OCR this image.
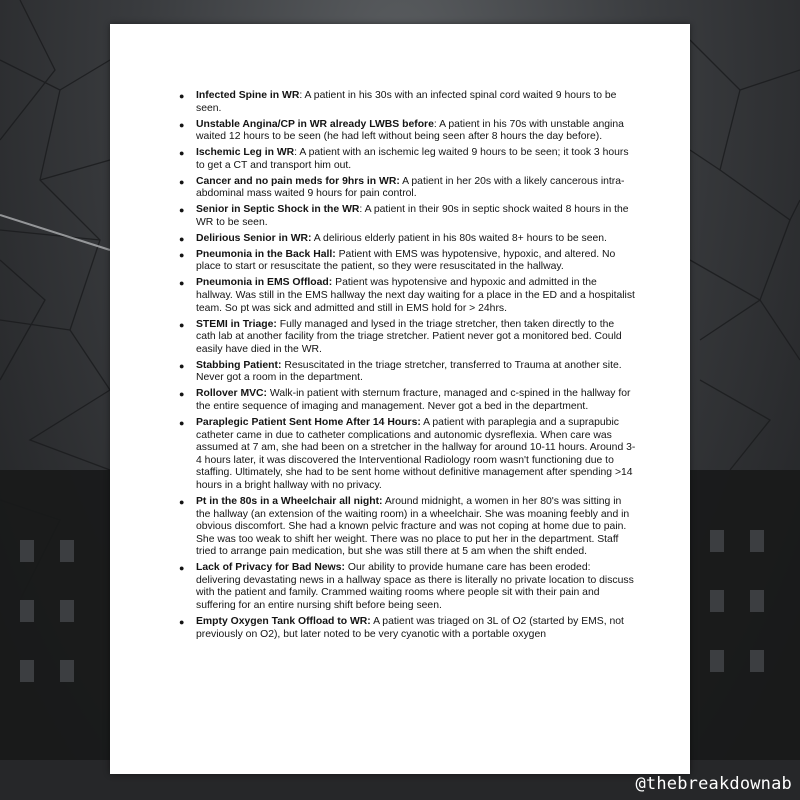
● Infected Spine in WR: A patient in his 30s with an infected spinal cord waited 9 hours to be seen.
● Unstable Angina/CP in WR already LWBS before: A patient in his 70s with unstable angina waited 12 hours to be seen (he had left without being seen after 8 hours the day before).
● Ischemic Leg in WR: A patient with an ischemic leg waited 9 hours to be seen; it took 3 hours to get a CT and transport him out.
● Cancer and no pain meds for 9hrs in WR: A patient in her 20s with a likely cancerous intra-abdominal mass waited 9 hours for pain control.
● Senior in Septic Shock in the WR: A patient in their 90s in septic shock waited 8 hours in the WR to be seen.
● Delirious Senior in WR: A delirious elderly patient in his 80s waited 8+ hours to be seen.
● Pneumonia in the Back Hall: Patient with EMS was hypotensive, hypoxic, and altered. No place to start or resuscitate the patient, so they were resuscitated in the hallway.
● Pneumonia in EMS Offload: Patient was hypotensive and hypoxic and admitted in the hallway. Was still in the EMS hallway the next day waiting for a place in the ED and a hospitalist team. So pt was sick and admitted and still in EMS hold for > 24hrs.
● STEMI in Triage: Fully managed and lysed in the triage stretcher, then taken directly to the cath lab at another facility from the triage stretcher. Patient never got a monitored bed. Could easily have died in the WR.
● Stabbing Patient: Resuscitated in the triage stretcher, transferred to Trauma at another site. Never got a room in the department.
● Rollover MVC: Walk-in patient with sternum fracture, managed and c-spined in the hallway for the entire sequence of imaging and management. Never got a bed in the department.
● Paraplegic Patient Sent Home After 14 Hours: A patient with paraplegia and a suprapubic catheter came in due to catheter complications and autonomic dysreflexia. When care was assumed at 7 am, she had been on a stretcher in the hallway for around 10-11 hours. Around 3-4 hours later, it was discovered the Interventional Radiology room wasn't functioning due to staffing. Ultimately, she had to be sent home without definitive management after spending >14 hours in a bright hallway with no privacy.
● Pt in the 80s in a Wheelchair all night: Around midnight, a women in her 80's was sitting in the hallway (an extension of the waiting room) in a wheelchair. She was moaning feebly and in obvious discomfort. She had a known pelvic fracture and was not coping at home due to pain. She was too weak to shift her weight. There was no place to put her in the department. Staff tried to arrange pain medication, but she was still there at 5 am when the shift ended.
● Lack of Privacy for Bad News: Our ability to provide humane care has been eroded: delivering devastating news in a hallway space as there is literally no private location to discuss with the patient and family. Crammed waiting rooms where people sit with their pain and suffering for an entire nursing shift before being seen.
● Empty Oxygen Tank Offload to WR: A patient was triaged on 3L of O2 (started by EMS, not previously on O2), but later noted to be very cyanotic with a portable oxygen
@thebreakdownab
